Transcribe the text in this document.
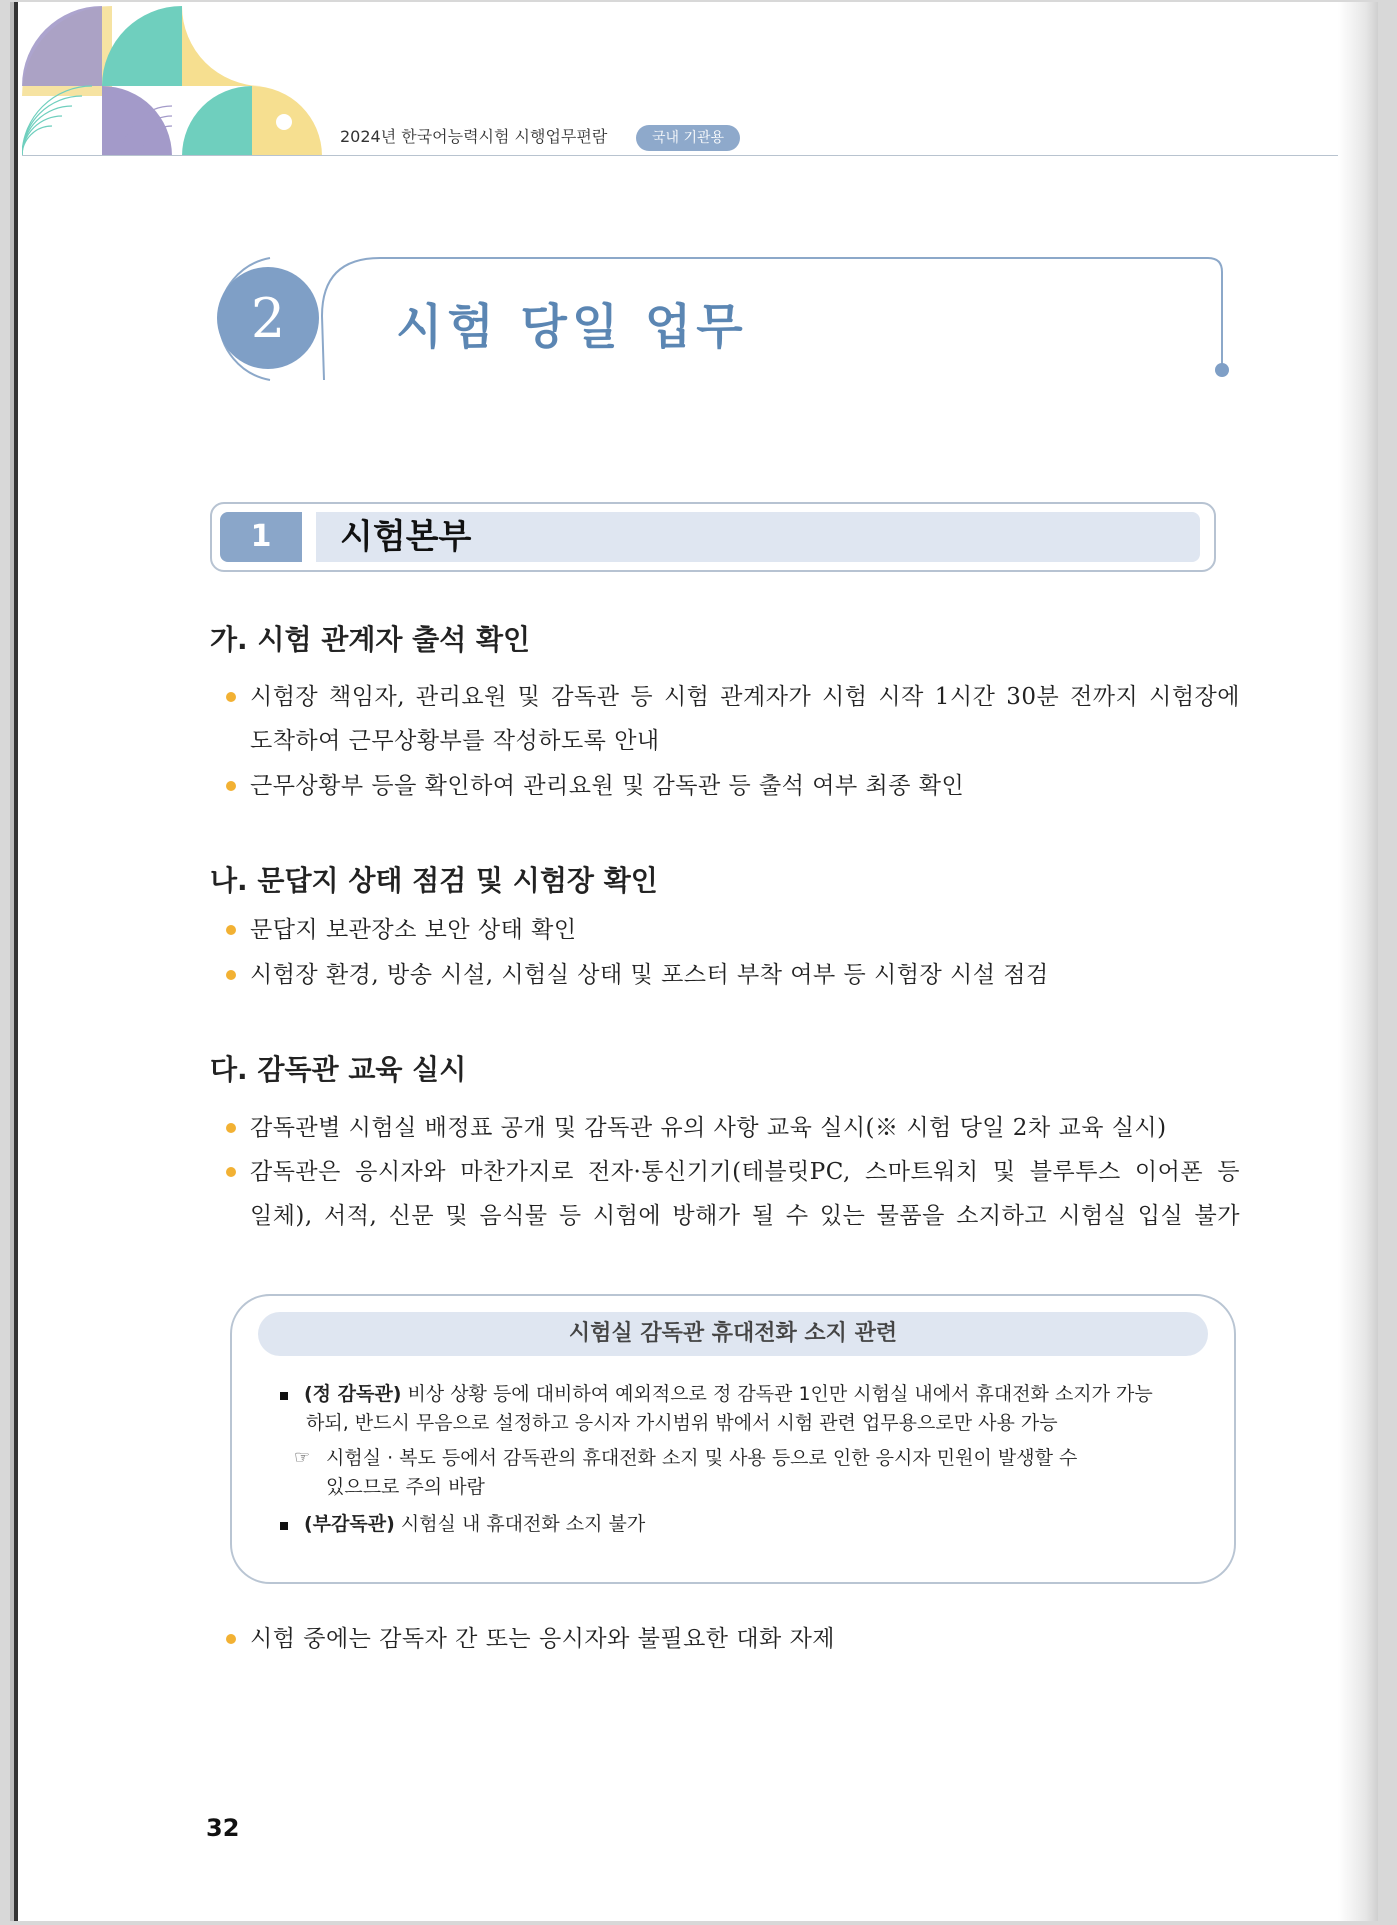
2024년 한국어능력시험 시행업무편람	국내 기관용
2	시험 당일 업무
1	시험본부
가. 시험 관계자 출석 확인
시험장 책임자, 관리요원 및 감독관 등 시험 관계자가 시험 시작 1시간 30분 전까지 시험장에
도착하여 근무상황부를 작성하도록 안내
근무상황부 등을 확인하여 관리요원 및 감독관 등 출석 여부 최종 확인
나. 문답지 상태 점검 및 시험장 확인
문답지 보관장소 보안 상태 확인
시험장 환경, 방송 시설, 시험실 상태 및 포스터 부착 여부 등 시험장 시설 점검
다. 감독관 교육 실시
감독관별 시험실 배정표 공개 및 감독관 유의 사항 교육 실시(※ 시험 당일 2차 교육 실시)
감독관은 응시자와 마찬가지로 전자·통신기기(테블릿PC, 스마트워치 및 블루투스 이어폰 등
일체), 서적, 신문 및 음식물 등 시험에 방해가 될 수 있는 물품을 소지하고 시험실 입실 불가
시험실 감독관 휴대전화 소지 관련
(정 감독관) 비상 상황 등에 대비하여 예외적으로 정 감독관 1인만 시험실 내에서 휴대전화 소지가 가능
하되, 반드시 무음으로 설정하고 응시자 가시범위 밖에서 시험 관련 업무용으로만 사용 가능
☞ 시험실 · 복도 등에서 감독관의 휴대전화 소지 및 사용 등으로 인한 응시자 민원이 발생할 수
있으므로 주의 바람
(부감독관) 시험실 내 휴대전화 소지 불가
시험 중에는 감독자 간 또는 응시자와 불필요한 대화 자제
32
